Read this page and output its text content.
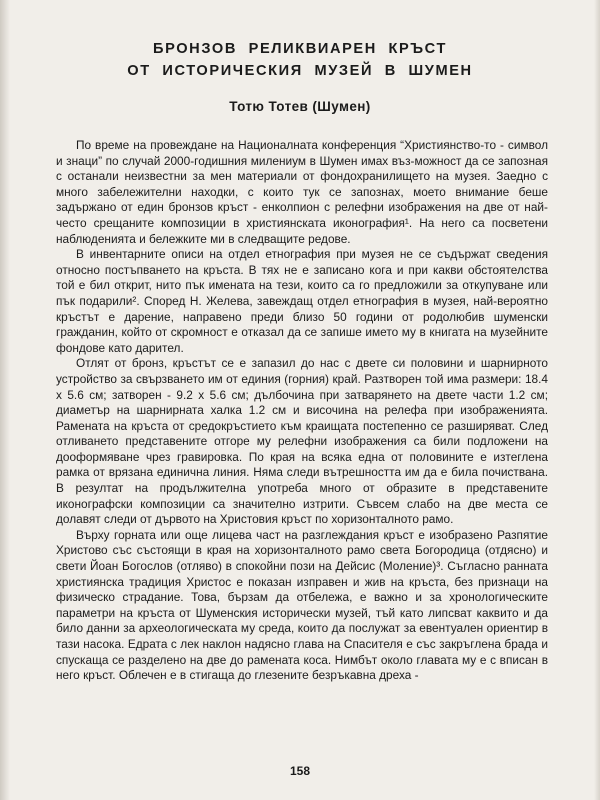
БРОНЗОВ РЕЛИКВИАРЕН КРЪСТ
ОТ ИСТОРИЧЕСКИЯ МУЗЕЙ В ШУМЕН

Тотю Тотев (Шумен)

По време на провеждане на Националната конференция “Християнство-то - символ и знаци” по случай 2000-годишния милениум в Шумен имах въз-можност да се запозная с останали неизвестни за мен материали от фондохранилището на музея. Заедно с много забележителни находки, с които тук се запознах, моето внимание беше задържано от един бронзов кръст - енколпион с релефни изображения на две от най-често срещаните композиции в християнската иконография¹. На него са посветени наблюденията и бележките ми в следващите редове.

В инвентарните описи на отдел етнография при музея не се съдържат сведения относно постъпването на кръста. В тях не е записано кога и при какви обстоятелства той е бил открит, нито пък имената на тези, които са го предложили за откупуване или пък подарили². Според Н. Желева, завеждащ отдел етнография в музея, най-вероятно кръстът е дарение, направено преди близо 50 години от родолюбив шуменски гражданин, който от скромност е отказал да се запише името му в книгата на музейните фондове като дарител.

Отлят от бронз, кръстът се е запазил до нас с двете си половини и шарнирното устройство за свързването им от единия (горния) край. Разтворен той има размери: 18.4 x 5.6 см; затворен - 9.2 x 5.6 см; дълбочина при затварянето на двете части 1.2 см; диаметър на шарнирната халка 1.2 см и височина на релефа при изображенията. Рамената на кръста от средокръстието към краищата постепенно се разширяват. След отливането представените отгоре му релефни изображения са били подложени на дооформяване чрез гравировка. По края на всяка една от половините е изтеглена рамка от врязана единична линия. Няма следи вътрешността им да е била почиствана. В резултат на продължителна употреба много от образите в представените иконографски композиции са значително изтрити. Съвсем слабо на две места се долавят следи от дървото на Христовия кръст по хоризонталното рамо.

Върху горната или още лицева част на разглеждания кръст е изобразено Разпятие Христово със състоящи в края на хоризонталното рамо света Богородица (отдясно) и свети Йоан Богослов (отляво) в спокойни пози на Дейсис (Моление)³. Съгласно ранната християнска традиция Христос е показан изправен и жив на кръста, без признаци на физическо страдание. Това, бързам да отбележа, е важно и за хронологическите параметри на кръста от Шуменския исторически музей, тъй като липсват каквито и да било данни за археологическата му среда, които да послужат за евентуален ориентир в тази насока. Едрата с лек наклон надясно глава на Спасителя е със закръглена брада и спускаща се разделено на две до рамената коса. Нимбът около главата му е с вписан в него кръст. Облечен е в стигаща до глезените безръкавна дреха -

158
